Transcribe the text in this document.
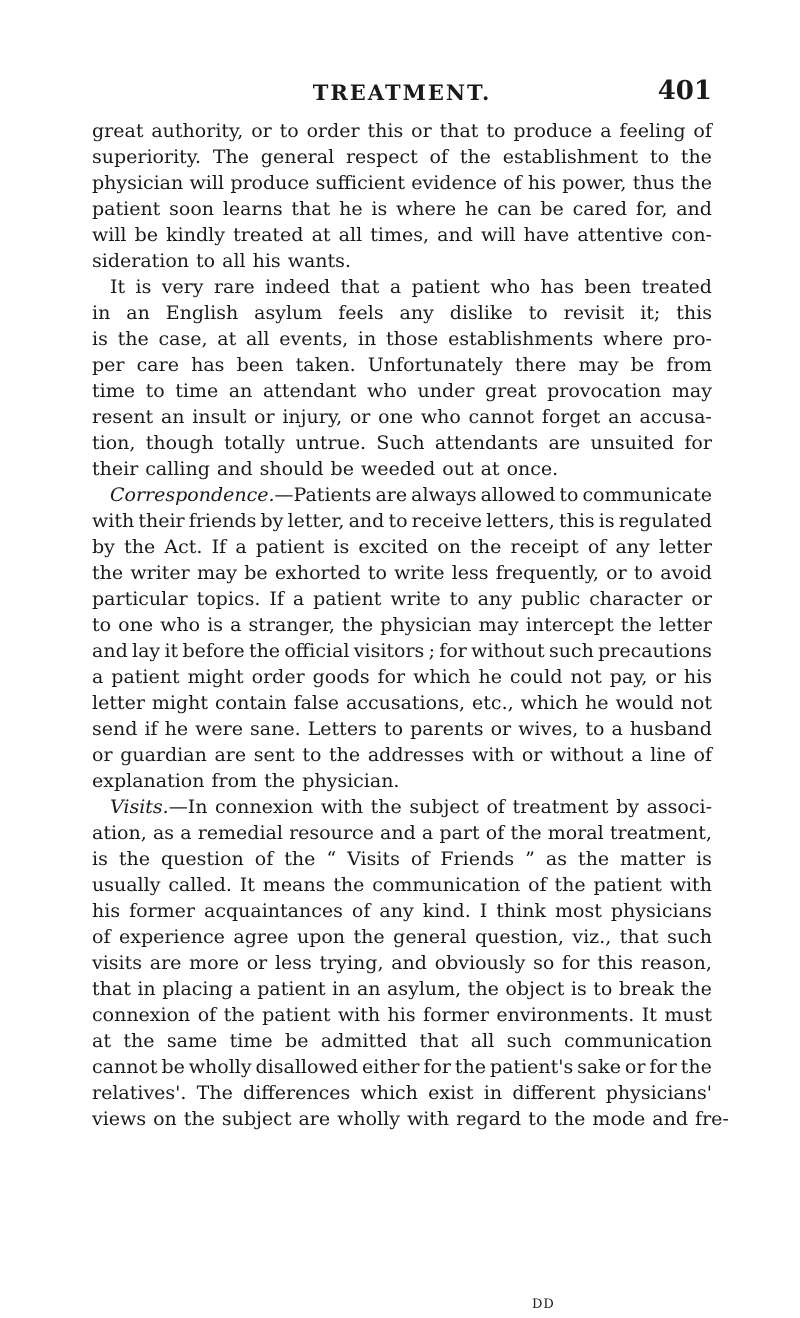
TREATMENT.	401
great authority, or to order this or that to produce a feeling of
superiority. The general respect of the establishment to the
physician will produce sufficient evidence of his power, thus the
patient soon learns that he is where he can be cared for, and
will be kindly treated at all times, and will have attentive con-
sideration to all his wants.
It is very rare indeed that a patient who has been treated
in an English asylum feels any dislike to revisit it; this
is the case, at all events, in those establishments where pro-
per care has been taken. Unfortunately there may be from
time to time an attendant who under great provocation may
resent an insult or injury, or one who cannot forget an accusa-
tion, though totally untrue. Such attendants are unsuited for
their calling and should be weeded out at once.
Correspondence.—Patients are always allowed to communicate
with their friends by letter, and to receive letters, this is regulated
by the Act. If a patient is excited on the receipt of any letter
the writer may be exhorted to write less frequently, or to avoid
particular topics. If a patient write to any public character or
to one who is a stranger, the physician may intercept the letter
and lay it before the official visitors ; for without such precautions
a patient might order goods for which he could not pay, or his
letter might contain false accusations, etc., which he would not
send if he were sane. Letters to parents or wives, to a husband
or guardian are sent to the addresses with or without a line of
explanation from the physician.
Visits.—In connexion with the subject of treatment by associ-
ation, as a remedial resource and a part of the moral treatment,
is the question of the “ Visits of Friends ” as the matter is
usually called. It means the communication of the patient with
his former acquaintances of any kind. I think most physicians
of experience agree upon the general question, viz., that such
visits are more or less trying, and obviously so for this reason,
that in placing a patient in an asylum, the object is to break the
connexion of the patient with his former environments. It must
at the same time be admitted that all such communication
cannot be wholly disallowed either for the patient's sake or for the
relatives'. The differences which exist in different physicians'
views on the subject are wholly with regard to the mode and fre-
DD
